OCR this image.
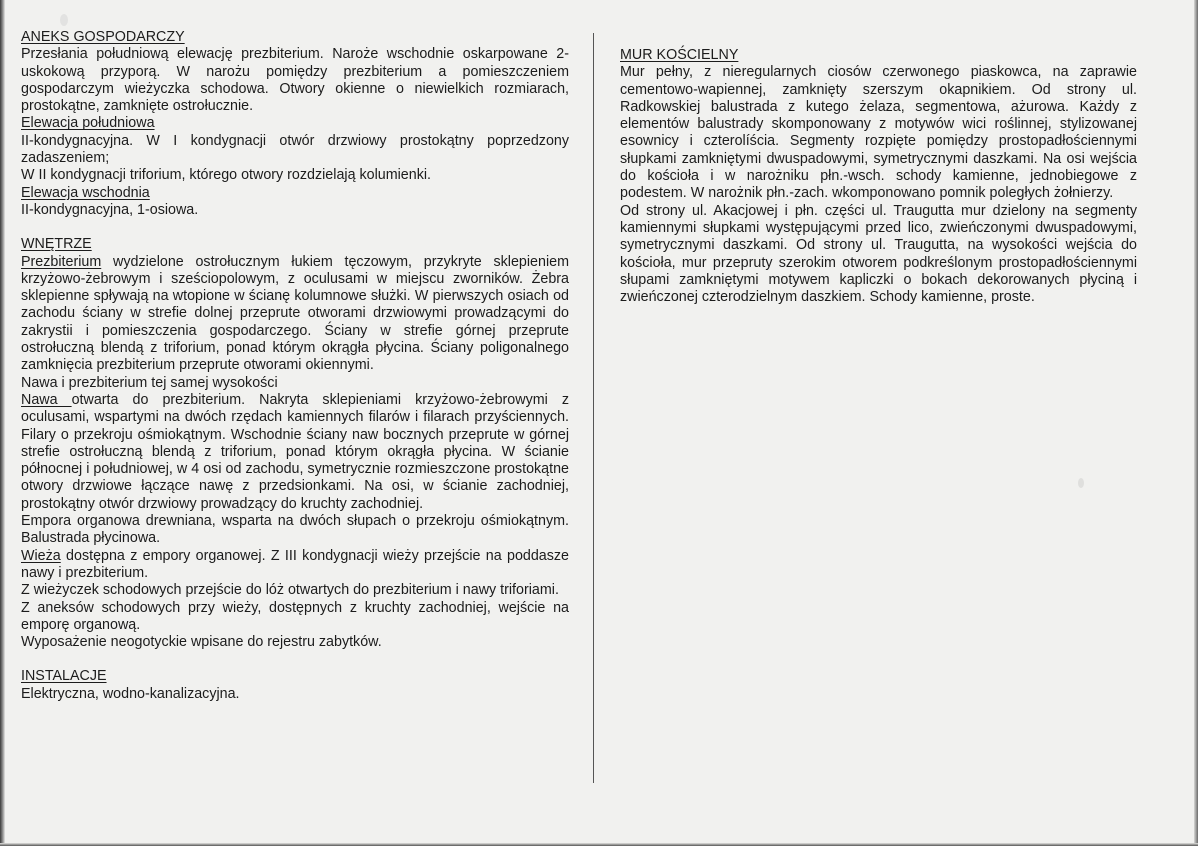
ANEKS GOSPODARCZY

Przesłania południową elewację prezbiterium. Naroże wschodnie oskarpowane 2-uskokową przyporą. W narożu pomiędzy prezbiterium a pomieszczeniem gospodarczym wieżyczka schodowa. Otwory okienne o niewielkich rozmiarach, prostokątne, zamknięte ostrołucznie.

Elewacja południowa

II-kondygnacyjna. W I kondygnacji otwór drzwiowy prostokątny poprzedzony zadaszeniem;

W II kondygnacji triforium, którego otwory rozdzielają kolumienki.

Elewacja wschodnia

II-kondygnacyjna, 1-osiowa.

WNĘTRZE

Prezbiterium wydzielone ostrołucznym łukiem tęczowym, przykryte sklepieniem krzyżowo-żebrowym i sześciopolowym, z oculusami w miejscu zworników. Żebra sklepienne spływają na wtopione w ścianę kolumnowe służki. W pierwszych osiach od zachodu ściany w strefie dolnej przeprute otworami drzwiowymi prowadzącymi do zakrystii i pomieszczenia gospodarczego. Ściany w strefie górnej przeprute ostrołuczną blendą z triforium, ponad którym okrągła płycina. Ściany poligonalnego zamknięcia prezbiterium przeprute otworami okiennymi.

Nawa i prezbiterium tej samej wysokości

Nawa otwarta do prezbiterium. Nakryta sklepieniami krzyżowo-żebrowymi z oculusami, wspartymi na dwóch rzędach kamiennych filarów i filarach przyściennych. Filary o przekroju ośmiokątnym. Wschodnie ściany naw bocznych przeprute w górnej strefie ostrołuczną blendą z triforium, ponad którym okrągła płycina. W ścianie północnej i południowej, w 4 osi od zachodu, symetrycznie rozmieszczone prostokątne otwory drzwiowe łączące nawę z przedsionkami. Na osi, w ścianie zachodniej, prostokątny otwór drzwiowy prowadzący do kruchty zachodniej.

Empora organowa drewniana, wsparta na dwóch słupach o przekroju ośmiokątnym. Balustrada płycinowa.

Wieża dostępna z empory organowej. Z III kondygnacji wieży przejście na poddasze nawy i prezbiterium.

Z wieżyczek schodowych przejście do lóż otwartych do prezbiterium i nawy triforiami.

Z aneksów schodowych przy wieży, dostępnych z kruchty zachodniej, wejście na emporę organową.

Wyposażenie neogotyckie wpisane do rejestru zabytków.

INSTALACJE

Elektryczna, wodno-kanalizacyjna.

MUR KOŚCIELNY

Mur pełny, z nieregularnych ciosów czerwonego piaskowca, na zaprawie cementowo-wapiennej, zamknięty szerszym okapnikiem. Od strony ul. Radkowskiej balustrada z kutego żelaza, segmentowa, ażurowa. Każdy z elementów balustrady skomponowany z motywów wici roślinnej, stylizowanej esownicy i czterolíścia. Segmenty rozpięte pomiędzy prostopadłościennymi słupkami zamkniętymi dwuspadowymi, symetrycznymi daszkami. Na osi wejścia do kościoła i w narożniku płn.-wsch. schody kamienne, jednobiegowe z podestem. W narożnik płn.-zach. wkomponowano pomnik poległych żołnierzy.

Od strony ul. Akacjowej i płn. części ul. Traugutta mur dzielony na segmenty kamiennymi słupkami występującymi przed lico, zwieńczonymi dwuspadowymi, symetrycznymi daszkami. Od strony ul. Traugutta, na wysokości wejścia do kościoła, mur przepruty szerokim otworem podkreślonym prostopadłościennymi słupami zamkniętymi motywem kapliczki o bokach dekorowanych płyciną i zwieńczonej czterodzielnym daszkiem. Schody kamienne, proste.
